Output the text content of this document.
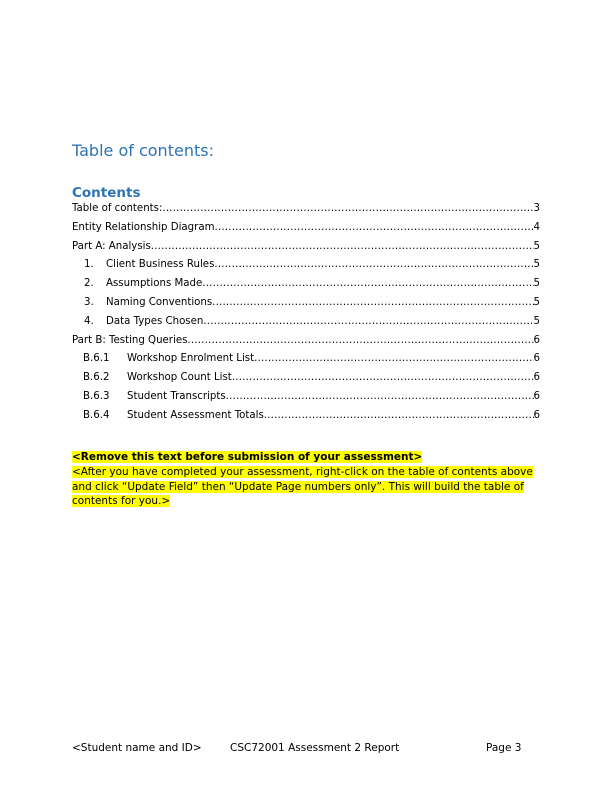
Table of contents:
Contents
Table of contents: .....	3
Entity Relationship Diagram .....	4
Part A: Analysis .....	5
1.	Client Business Rules .....	5
2.	Assumptions Made .....	5
3.	Naming Conventions .....	5
4.	Data Types Chosen .....	5
Part B: Testing Queries .....	6
B.6.1	Workshop Enrolment List .....	6
B.6.2	Workshop Count List .....	6
B.6.3	Student Transcripts .....	6
B.6.4	Student Assessment Totals .....	6
<Remove this text before submission of your assessment>
<After you have completed your assessment, right-click on the table of contents above and click “Update Field” then “Update Page numbers only”. This will build the table of contents for you.>
<Student name and ID>	CSC72001 Assessment 2 Report	Page 3
